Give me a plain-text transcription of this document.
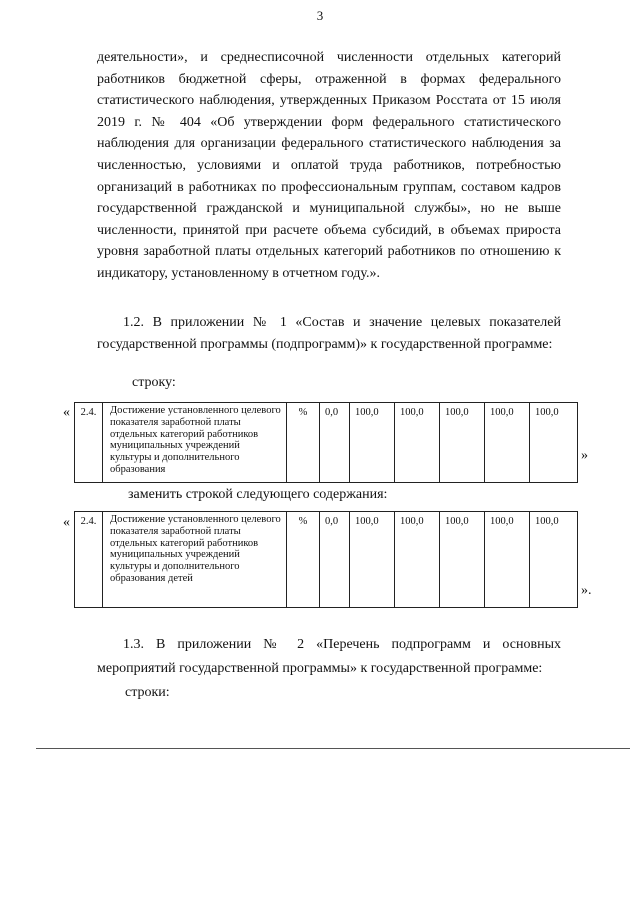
3

деятельности», и среднесписочной численности отдельных категорий работников бюджетной сферы, отраженной в формах федерального статистического наблюдения, утвержденных Приказом Росстата от 15 июля 2019 г. № 404 «Об утверждении форм федерального статистического наблюдения для организации федерального статистического наблюдения за численностью, условиями и оплатой труда работников, потребностью организаций в работниках по профессиональным группам, составом кадров государственной гражданской и муниципальной службы», но не выше численности, принятой при расчете объема субсидий, в объемах прироста уровня заработной платы отдельных категорий работников по отношению к индикатору, установленному в отчетном году.».

1.2. В приложении № 1 «Состав и значение целевых показателей государственной программы (подпрограмм)» к государственной программе:

строку:
« 2.4.	Достижение установленного целевого показателя заработной платы отдельных категорий работников муниципальных учреждений культуры и дополнительного образования	%	0,0	100,0	100,0	100,0	100,0	100,0
»
заменить строкой следующего содержания:
« 2.4.	Достижение установленного целевого показателя заработной платы отдельных категорий работников муниципальных учреждений культуры и дополнительного образования детей	%	0,0	100,0	100,0	100,0	100,0	100,0
».

1.3. В приложении № 2 «Перечень подпрограмм и основных мероприятий государственной программы» к государственной программе:

строки:
